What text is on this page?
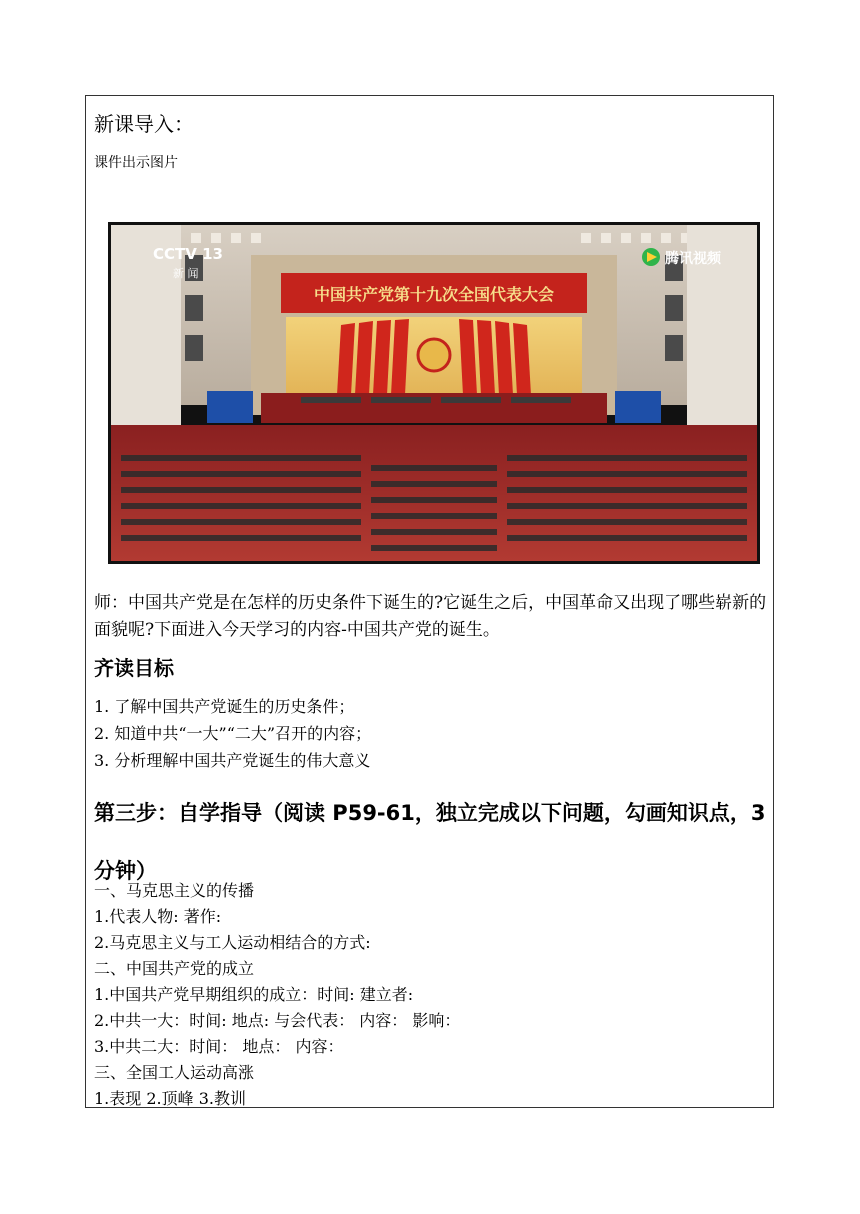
新课导入：
课件出示图片
中国共产党第十九次全国代表大会
CCTV 13
新 闻
腾讯视频
师：中国共产党是在怎样的历史条件下诞生的?它诞生之后，中国革命又出现了哪些崭新的面貌呢?下面进入今天学习的内容-中国共产党的诞生。
齐读目标
1. 了解中国共产党诞生的历史条件；
2. 知道中共“一大”“二大”召开的内容；
3. 分析理解中国共产党诞生的伟大意义
第三步：自学指导（阅读 P59-61，独立完成以下问题，勾画知识点，3 分钟）
一、马克思主义的传播
1.代表人物: 著作:
2.马克思主义与工人运动相结合的方式:
二、中国共产党的成立
1.中国共产党早期组织的成立：时间: 建立者:
2.中共一大：时间: 地点: 与会代表： 内容： 影响：
3.中共二大：时间： 地点： 内容：
三、全国工人运动高涨
1.表现 2.顶峰 3.教训
